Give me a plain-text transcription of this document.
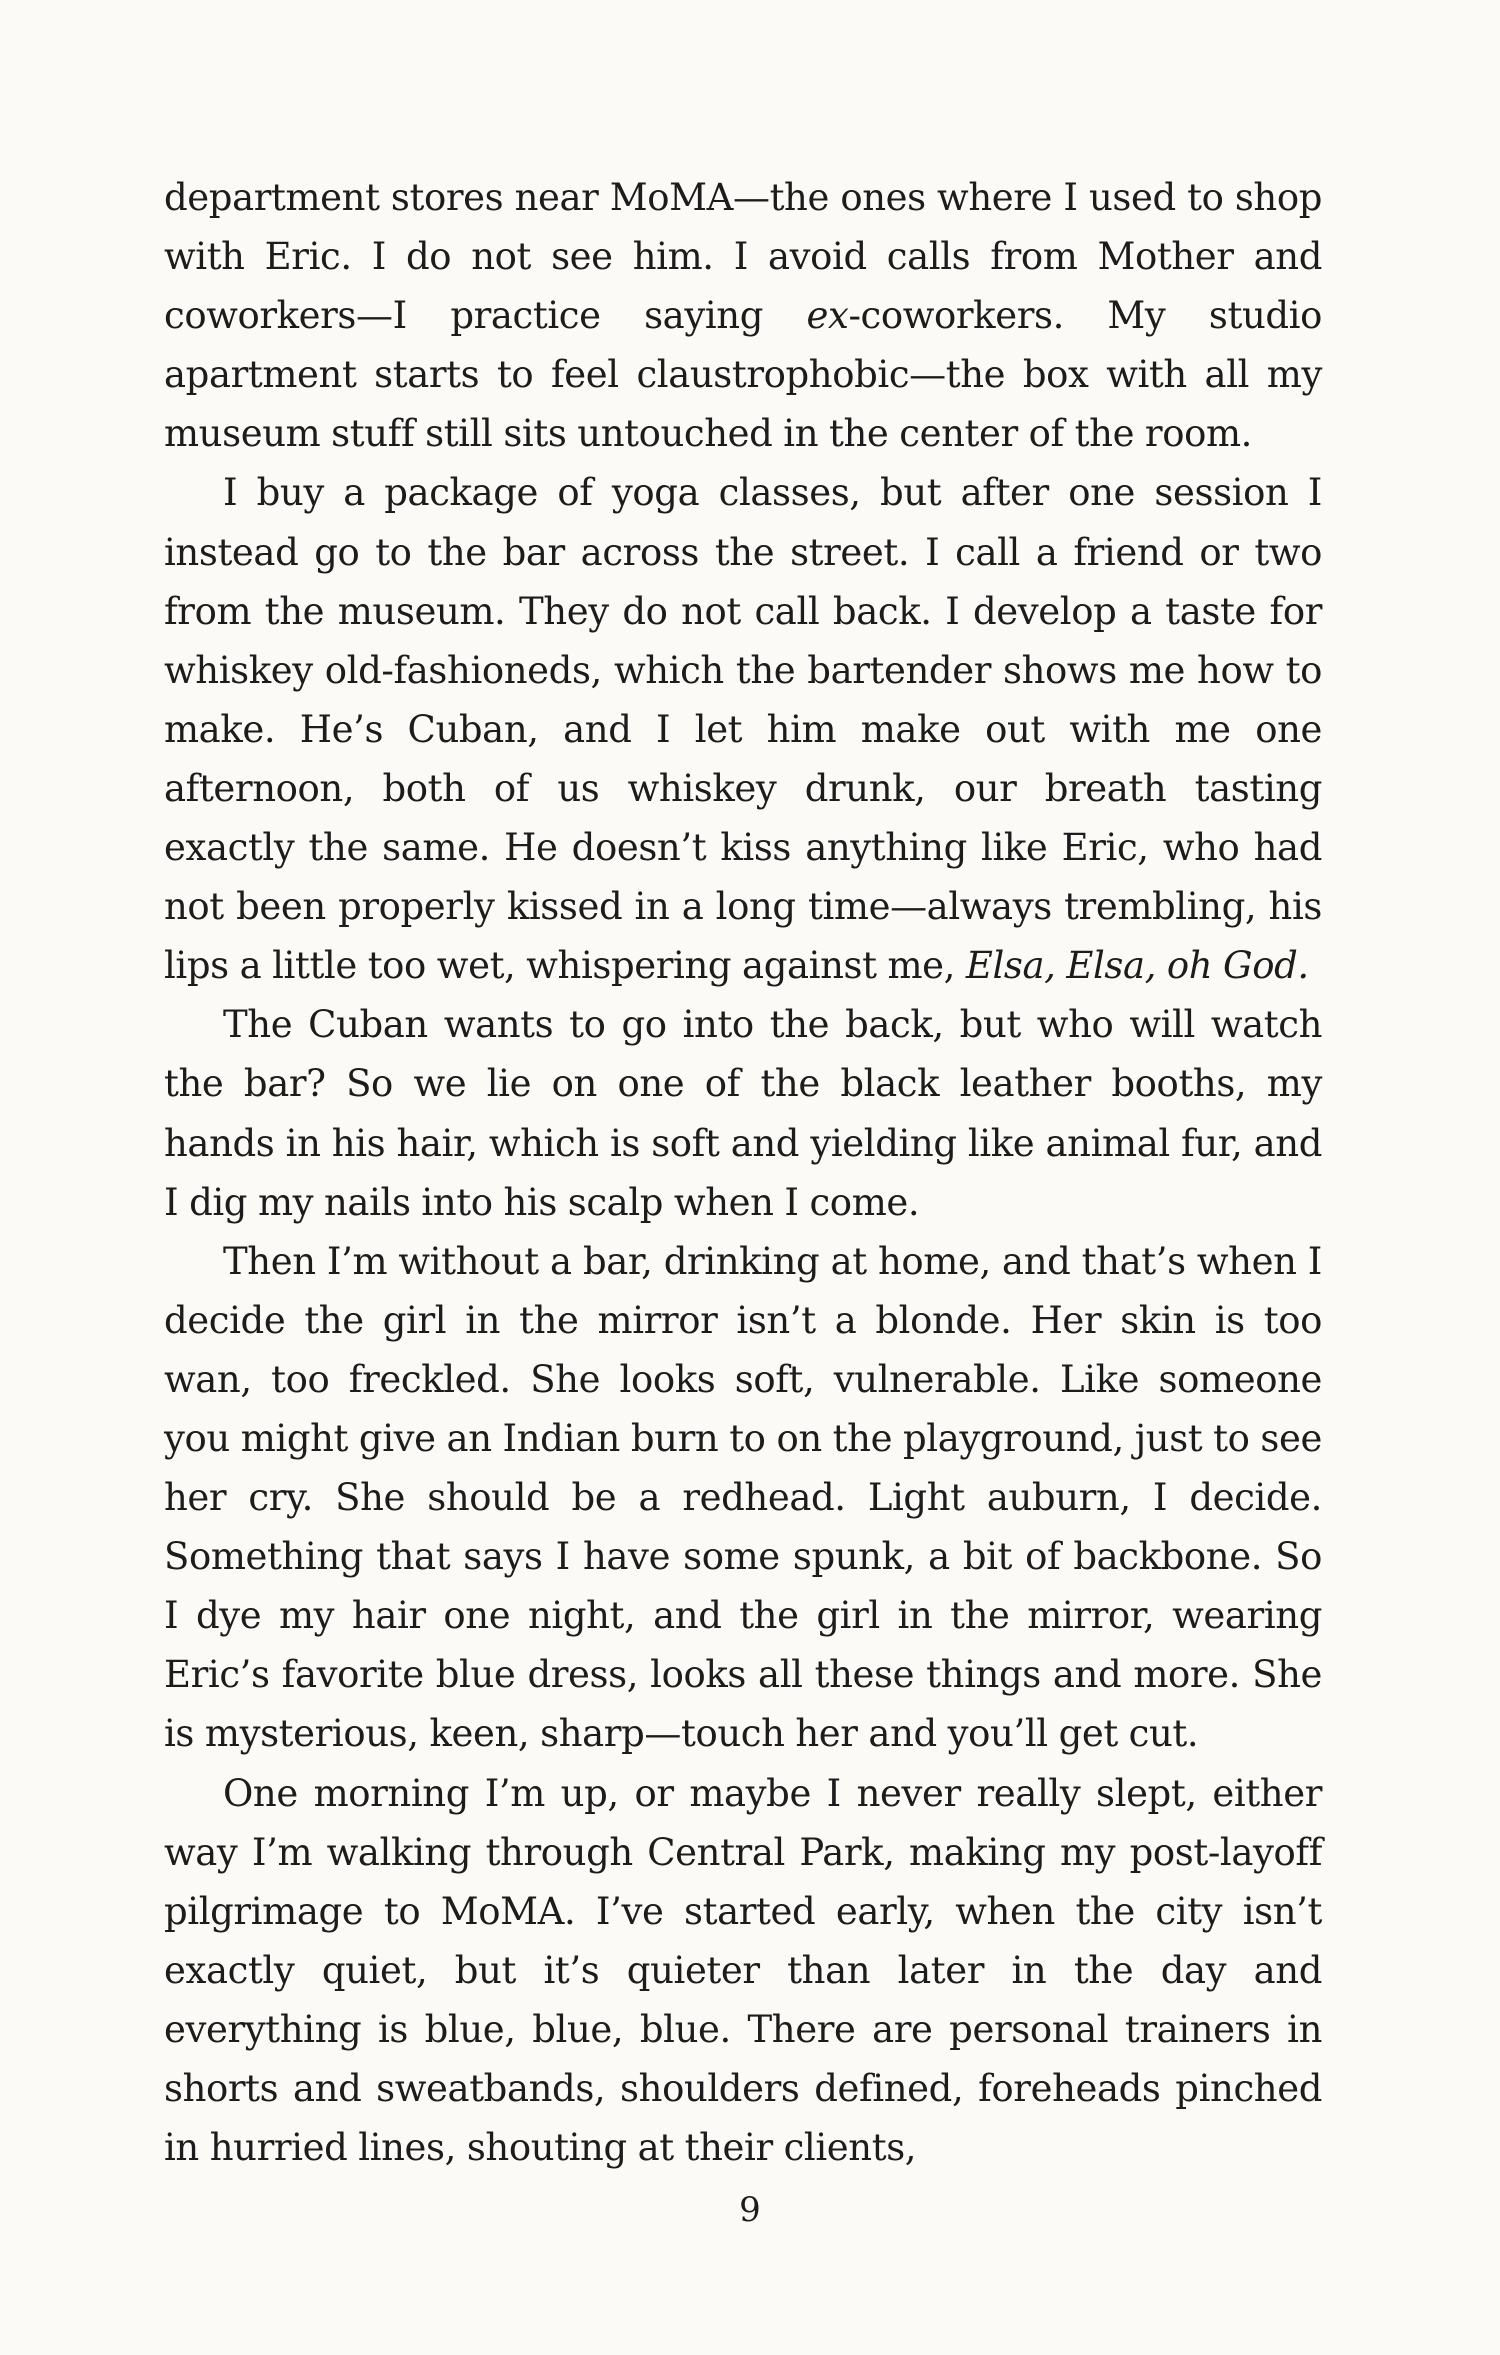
department stores near MoMA—the ones where I used to shop with Eric. I do not see him. I avoid calls from Mother and coworkers—I practice saying ex-coworkers. My studio apartment starts to feel claustrophobic—the box with all my museum stuff still sits untouched in the center of the room.

I buy a package of yoga classes, but after one session I instead go to the bar across the street. I call a friend or two from the museum. They do not call back. I develop a taste for whiskey old-fashioneds, which the bartender shows me how to make. He’s Cuban, and I let him make out with me one afternoon, both of us whiskey drunk, our breath tasting exactly the same. He doesn’t kiss anything like Eric, who had not been properly kissed in a long time—always trembling, his lips a little too wet, whispering against me, Elsa, Elsa, oh God.

The Cuban wants to go into the back, but who will watch the bar? So we lie on one of the black leather booths, my hands in his hair, which is soft and yielding like animal fur, and I dig my nails into his scalp when I come.

Then I’m without a bar, drinking at home, and that’s when I decide the girl in the mirror isn’t a blonde. Her skin is too wan, too freckled. She looks soft, vulnerable. Like someone you might give an Indian burn to on the playground, just to see her cry. She should be a redhead. Light auburn, I decide. Something that says I have some spunk, a bit of backbone. So I dye my hair one night, and the girl in the mirror, wearing Eric’s favorite blue dress, looks all these things and more. She is mysterious, keen, sharp—touch her and you’ll get cut.

One morning I’m up, or maybe I never really slept, either way I’m walking through Central Park, making my post-layoff pilgrimage to MoMA. I’ve started early, when the city isn’t exactly quiet, but it’s quieter than later in the day and everything is blue, blue, blue. There are personal trainers in shorts and sweatbands, shoulders defined, foreheads pinched in hurried lines, shouting at their clients,

9
